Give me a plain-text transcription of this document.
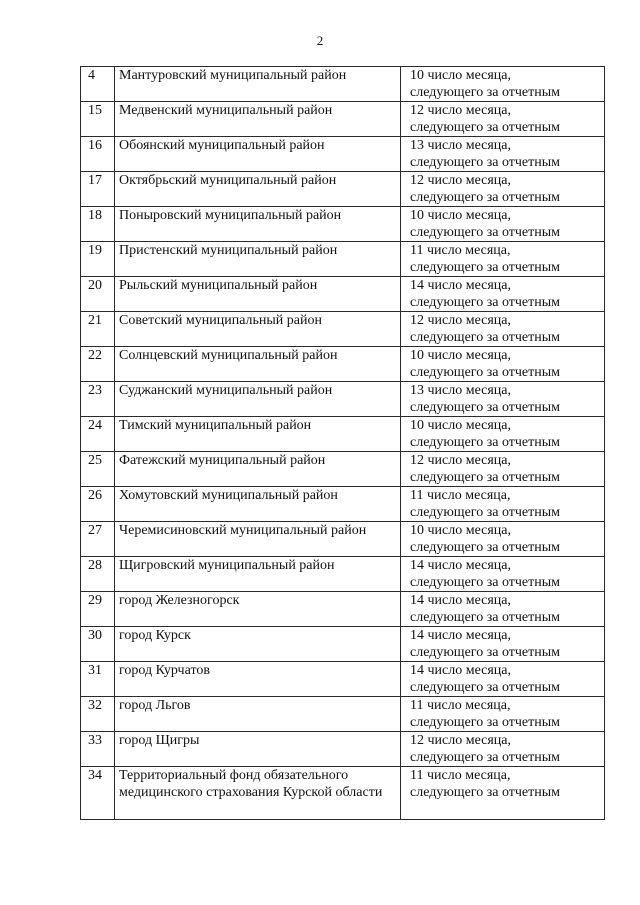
2
4	Мантуровский муниципальный район	10 число месяца,
следующего за отчетным

15	Медвенский муниципальный район	12 число месяца,
следующего за отчетным

16	Обоянский муниципальный район	13 число месяца,
следующего за отчетным

17	Октябрьский муниципальный район	12 число месяца,
следующего за отчетным

18	Поныровский муниципальный район	10 число месяца,
следующего за отчетным

19	Пристенский муниципальный район	11 число месяца,
следующего за отчетным

20	Рыльский муниципальный район	14 число месяца,
следующего за отчетным

21	Советский муниципальный район	12 число месяца,
следующего за отчетным

22	Солнцевский муниципальный район	10 число месяца,
следующего за отчетным

23	Суджанский муниципальный район	13 число месяца,
следующего за отчетным

24	Тимский муниципальный район	10 число месяца,
следующего за отчетным

25	Фатежский муниципальный район	12 число месяца,
следующего за отчетным

26	Хомутовский муниципальный район	11 число месяца,
следующего за отчетным

27	Черемисиновский муниципальный район	10 число месяца,
следующего за отчетным

28	Щигровский муниципальный район	14 число месяца,
следующего за отчетным

29	город Железногорск	14 число месяца,
следующего за отчетным

30	город Курск	14 число месяца,
следующего за отчетным

31	город Курчатов	14 число месяца,
следующего за отчетным

32	город Льгов	11 число месяца,
следующего за отчетным

33	город Щигры	12 число месяца,
следующего за отчетным

34	Территориальный фонд обязательного медицинского страхования Курской области	11 число месяца,
следующего за отчетным
